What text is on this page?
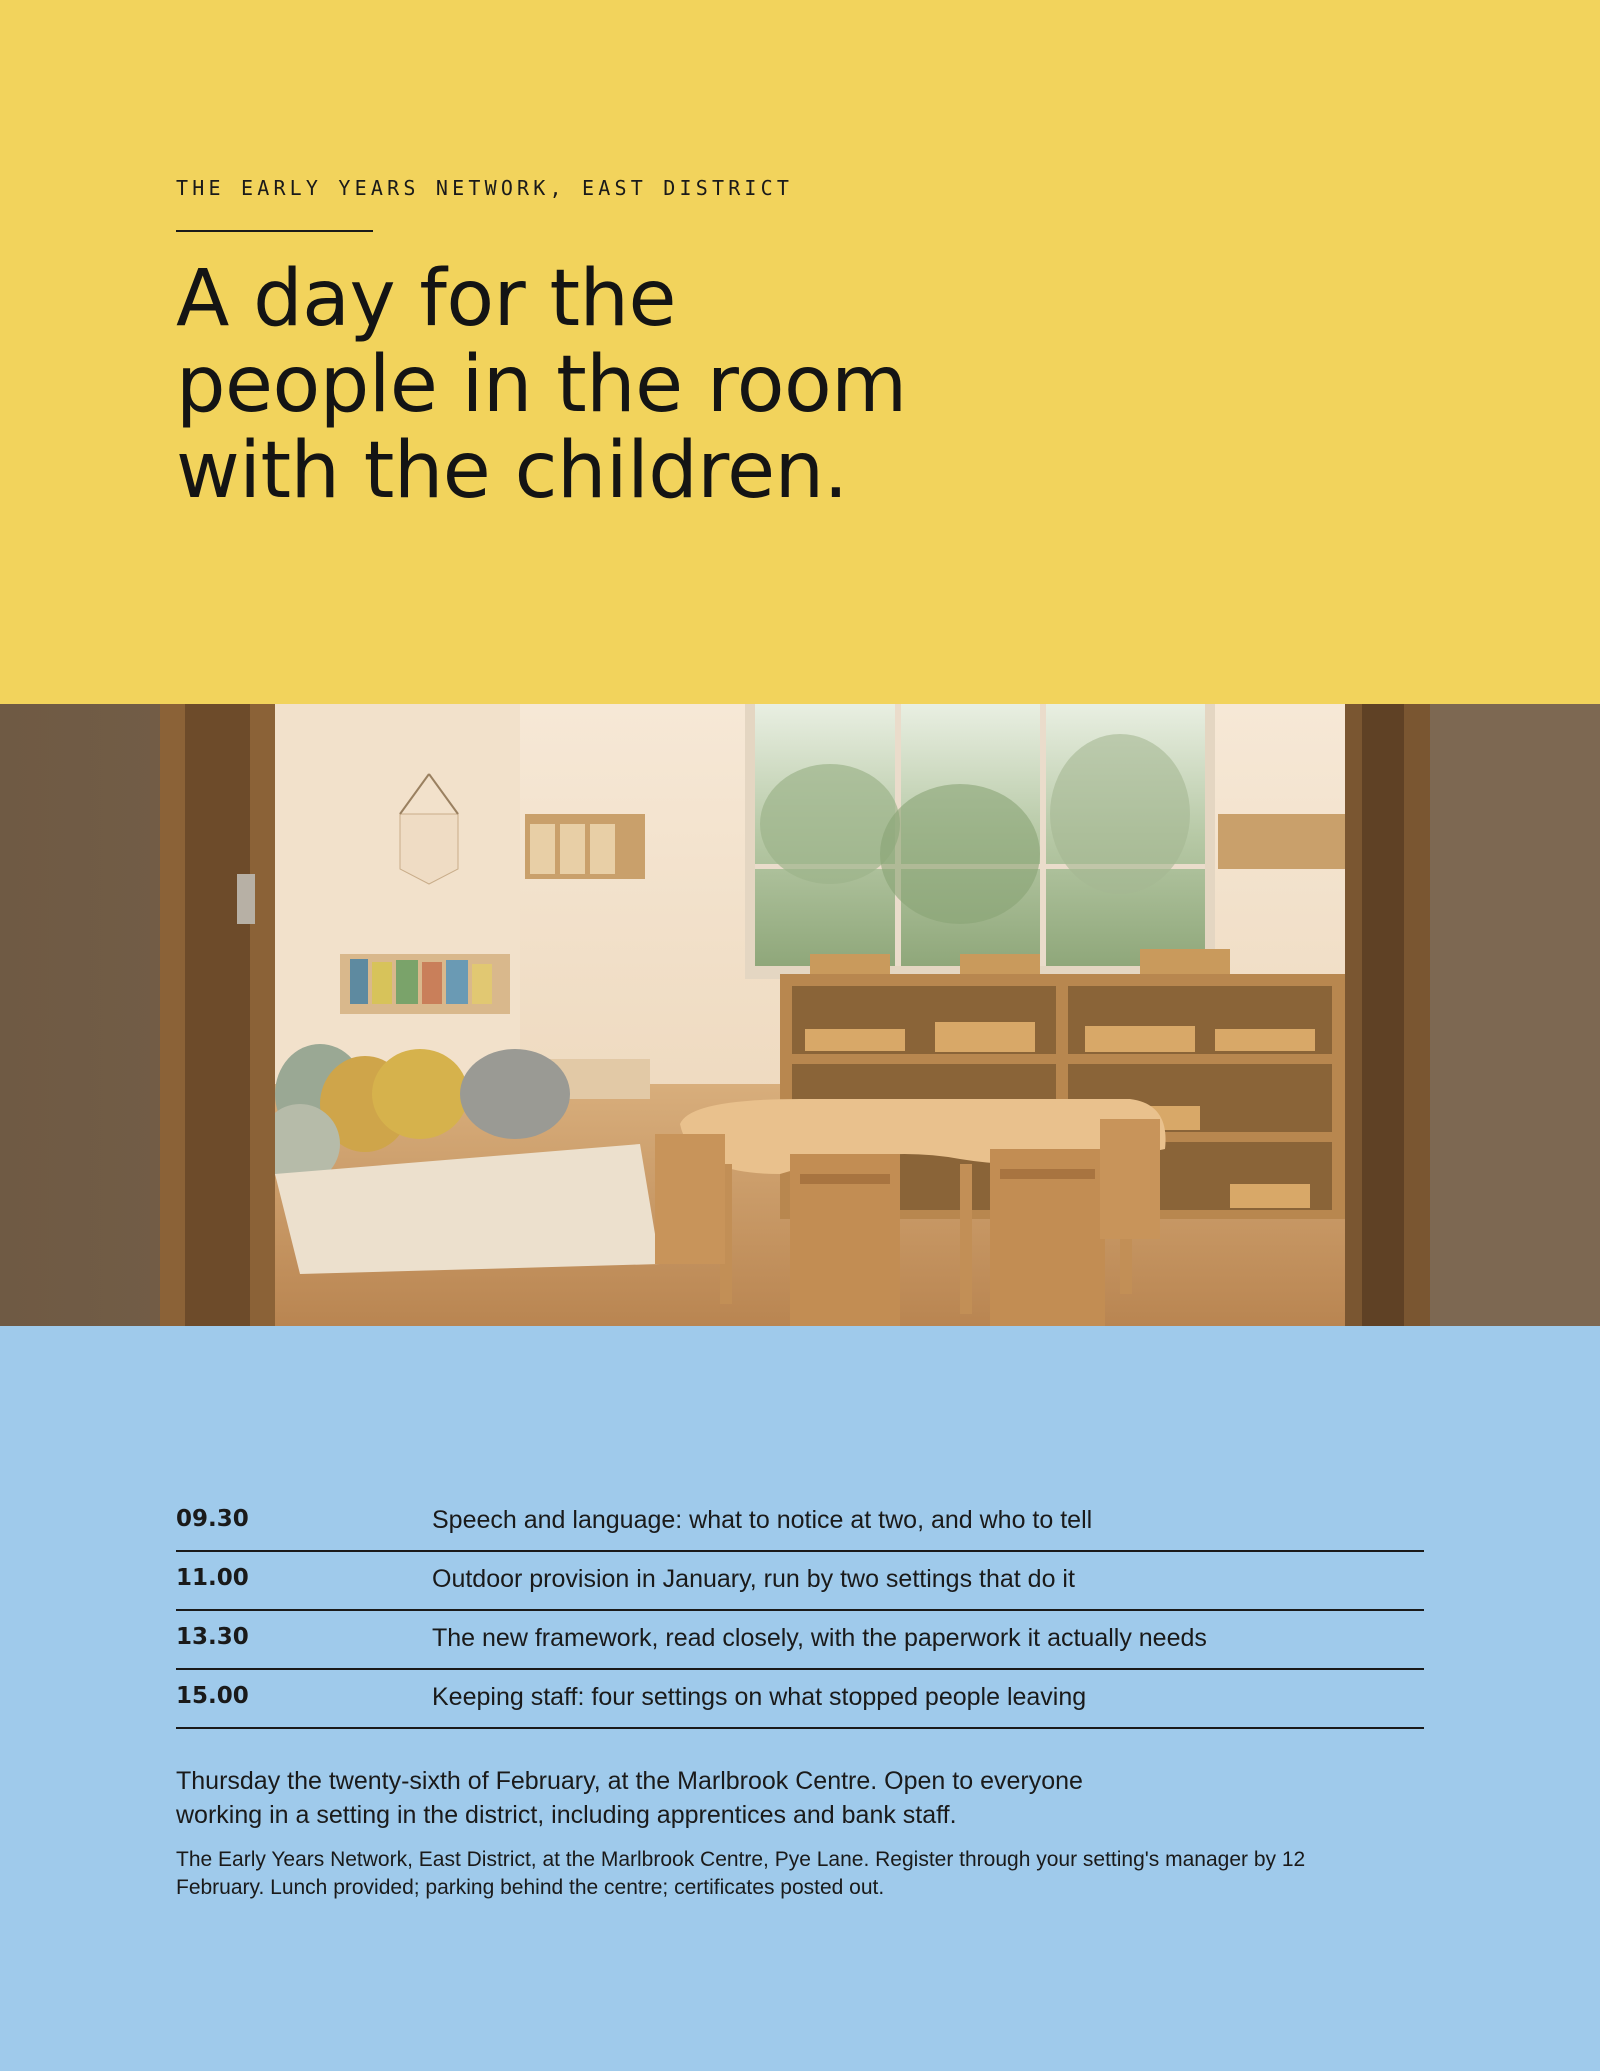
THE EARLY YEARS NETWORK, EAST DISTRICT
A day for the
people in the room
with the children.
09.30	Speech and language: what to notice at two, and who to tell
11.00	Outdoor provision in January, run by two settings that do it
13.30	The new framework, read closely, with the paperwork it actually needs
15.00	Keeping staff: four settings on what stopped people leaving

Thursday the twenty-sixth of February, at the Marlbrook Centre. Open to everyone working in a setting in the district, including apprentices and bank staff.

The Early Years Network, East District, at the Marlbrook Centre, Pye Lane. Register through your setting's manager by 12 February. Lunch provided; parking behind the centre; certificates posted out.
